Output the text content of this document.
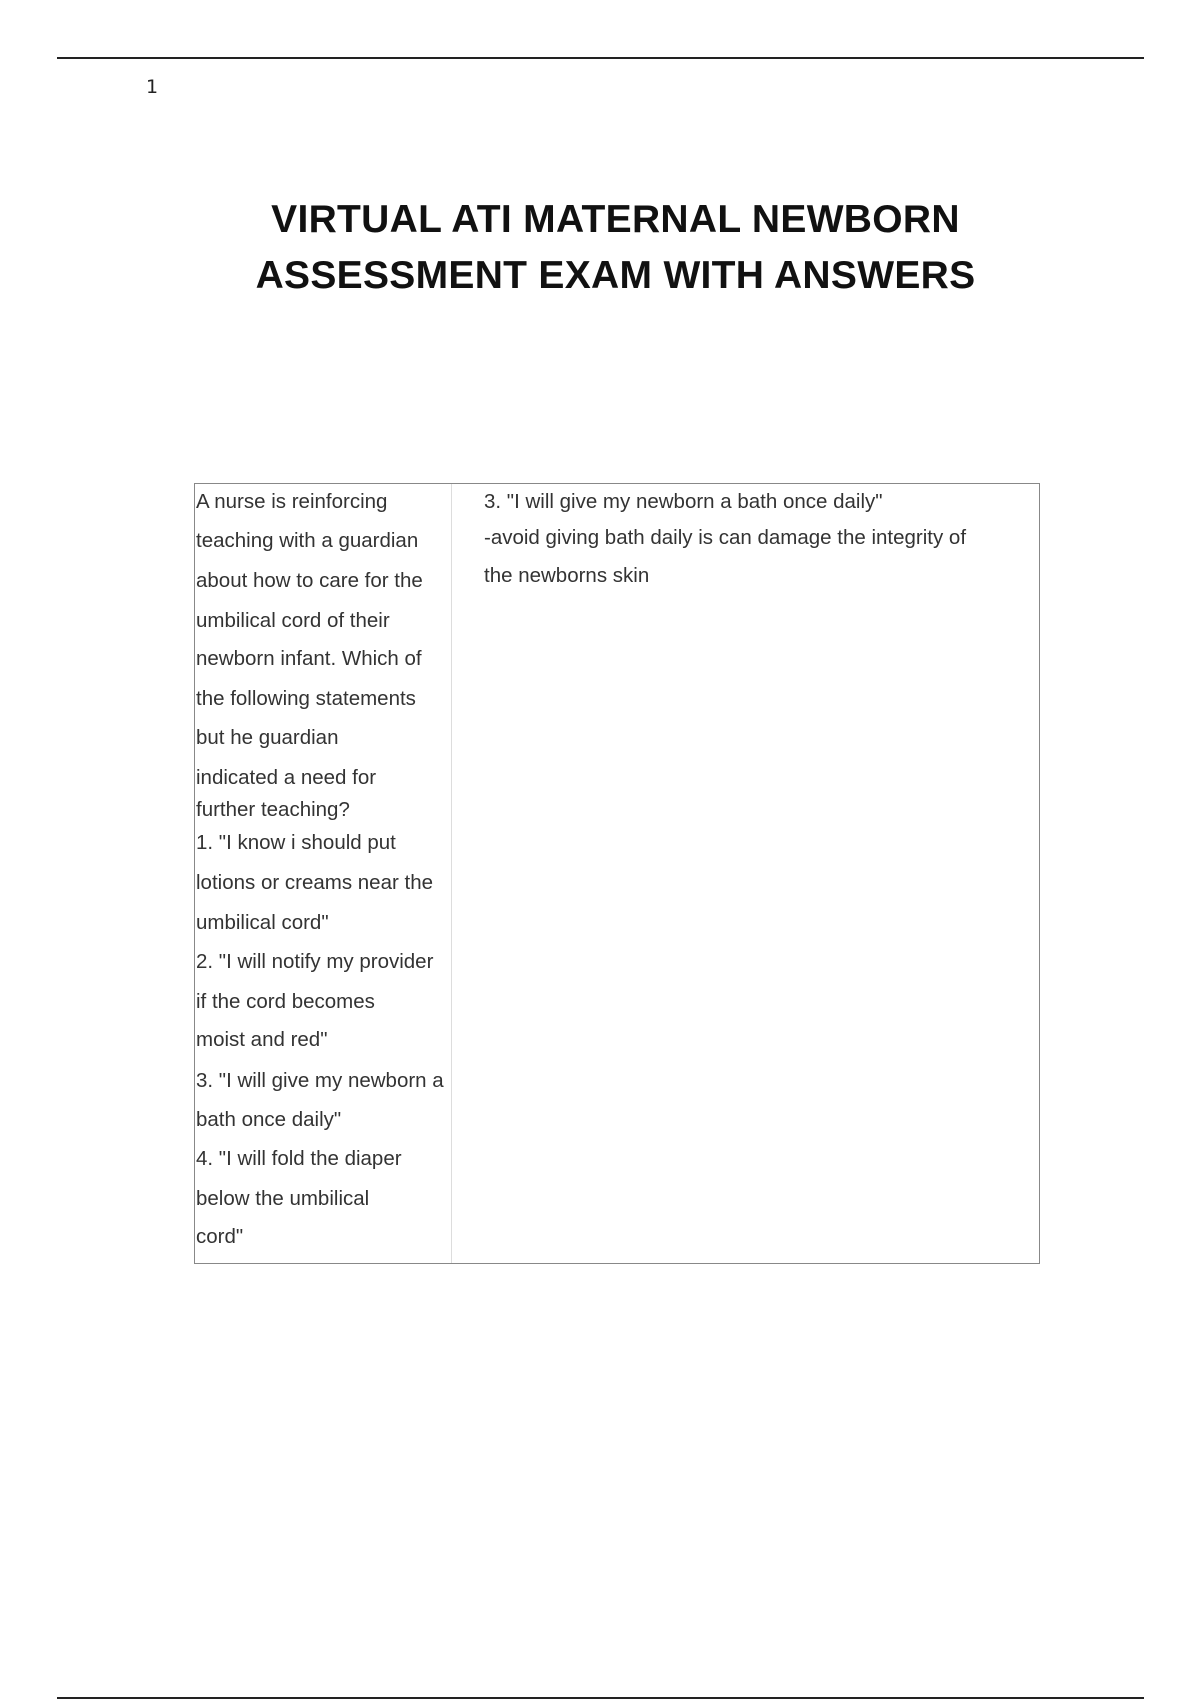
1
VIRTUAL ATI MATERNAL NEWBORN
ASSESSMENT EXAM WITH ANSWERS
A nurse is reinforcing
teaching with a guardian
about how to care for the
umbilical cord of their
newborn infant. Which of
the following statements
but he guardian
indicated a need for
further teaching?
1. "I know i should put
lotions or creams near the
umbilical cord"
2. "I will notify my provider
if the cord becomes
moist and red"
3. "I will give my newborn a
bath once daily"
4. "I will fold the diaper
below the umbilical
cord"
3. "I will give my newborn a bath once daily"
-avoid giving bath daily is can damage the integrity of
the newborns skin
